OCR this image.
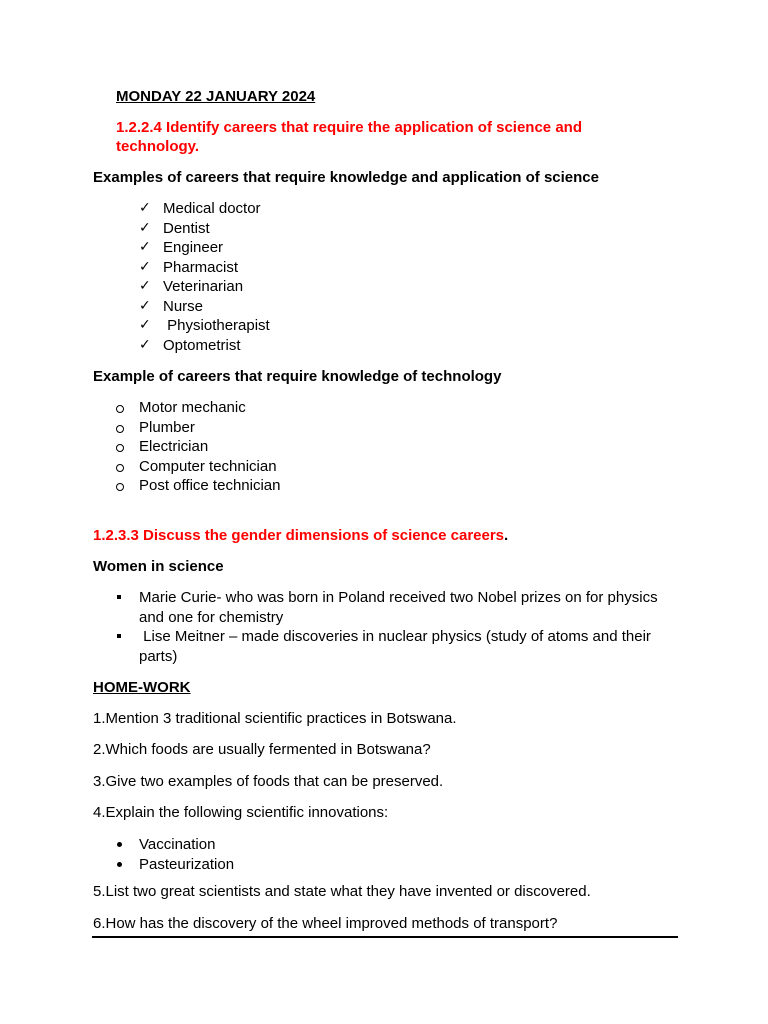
MONDAY 22 JANUARY 2024
1.2.2.4 Identify careers that require the application of science and
technology.
Examples of careers that require knowledge and application of science
✓ Medical doctor
✓ Dentist
✓ Engineer
✓ Pharmacist
✓ Veterinarian
✓ Nurse
✓ Physiotherapist
✓ Optometrist
Example of careers that require knowledge of technology
Motor mechanic
Plumber
Electrician
Computer technician
Post office technician
1.2.3.3 Discuss the gender dimensions of science careers.
Women in science
Marie Curie- who was born in Poland received two Nobel prizes on for physics
and one for chemistry
Lise Meitner – made discoveries in nuclear physics (study of atoms and their
parts)
HOME-WORK
1.Mention 3 traditional scientific practices in Botswana.
2.Which foods are usually fermented in Botswana?
3.Give two examples of foods that can be preserved.
4.Explain the following scientific innovations:
Vaccination
Pasteurization
5.List two great scientists and state what they have invented or discovered.
6.How has the discovery of the wheel improved methods of transport?
